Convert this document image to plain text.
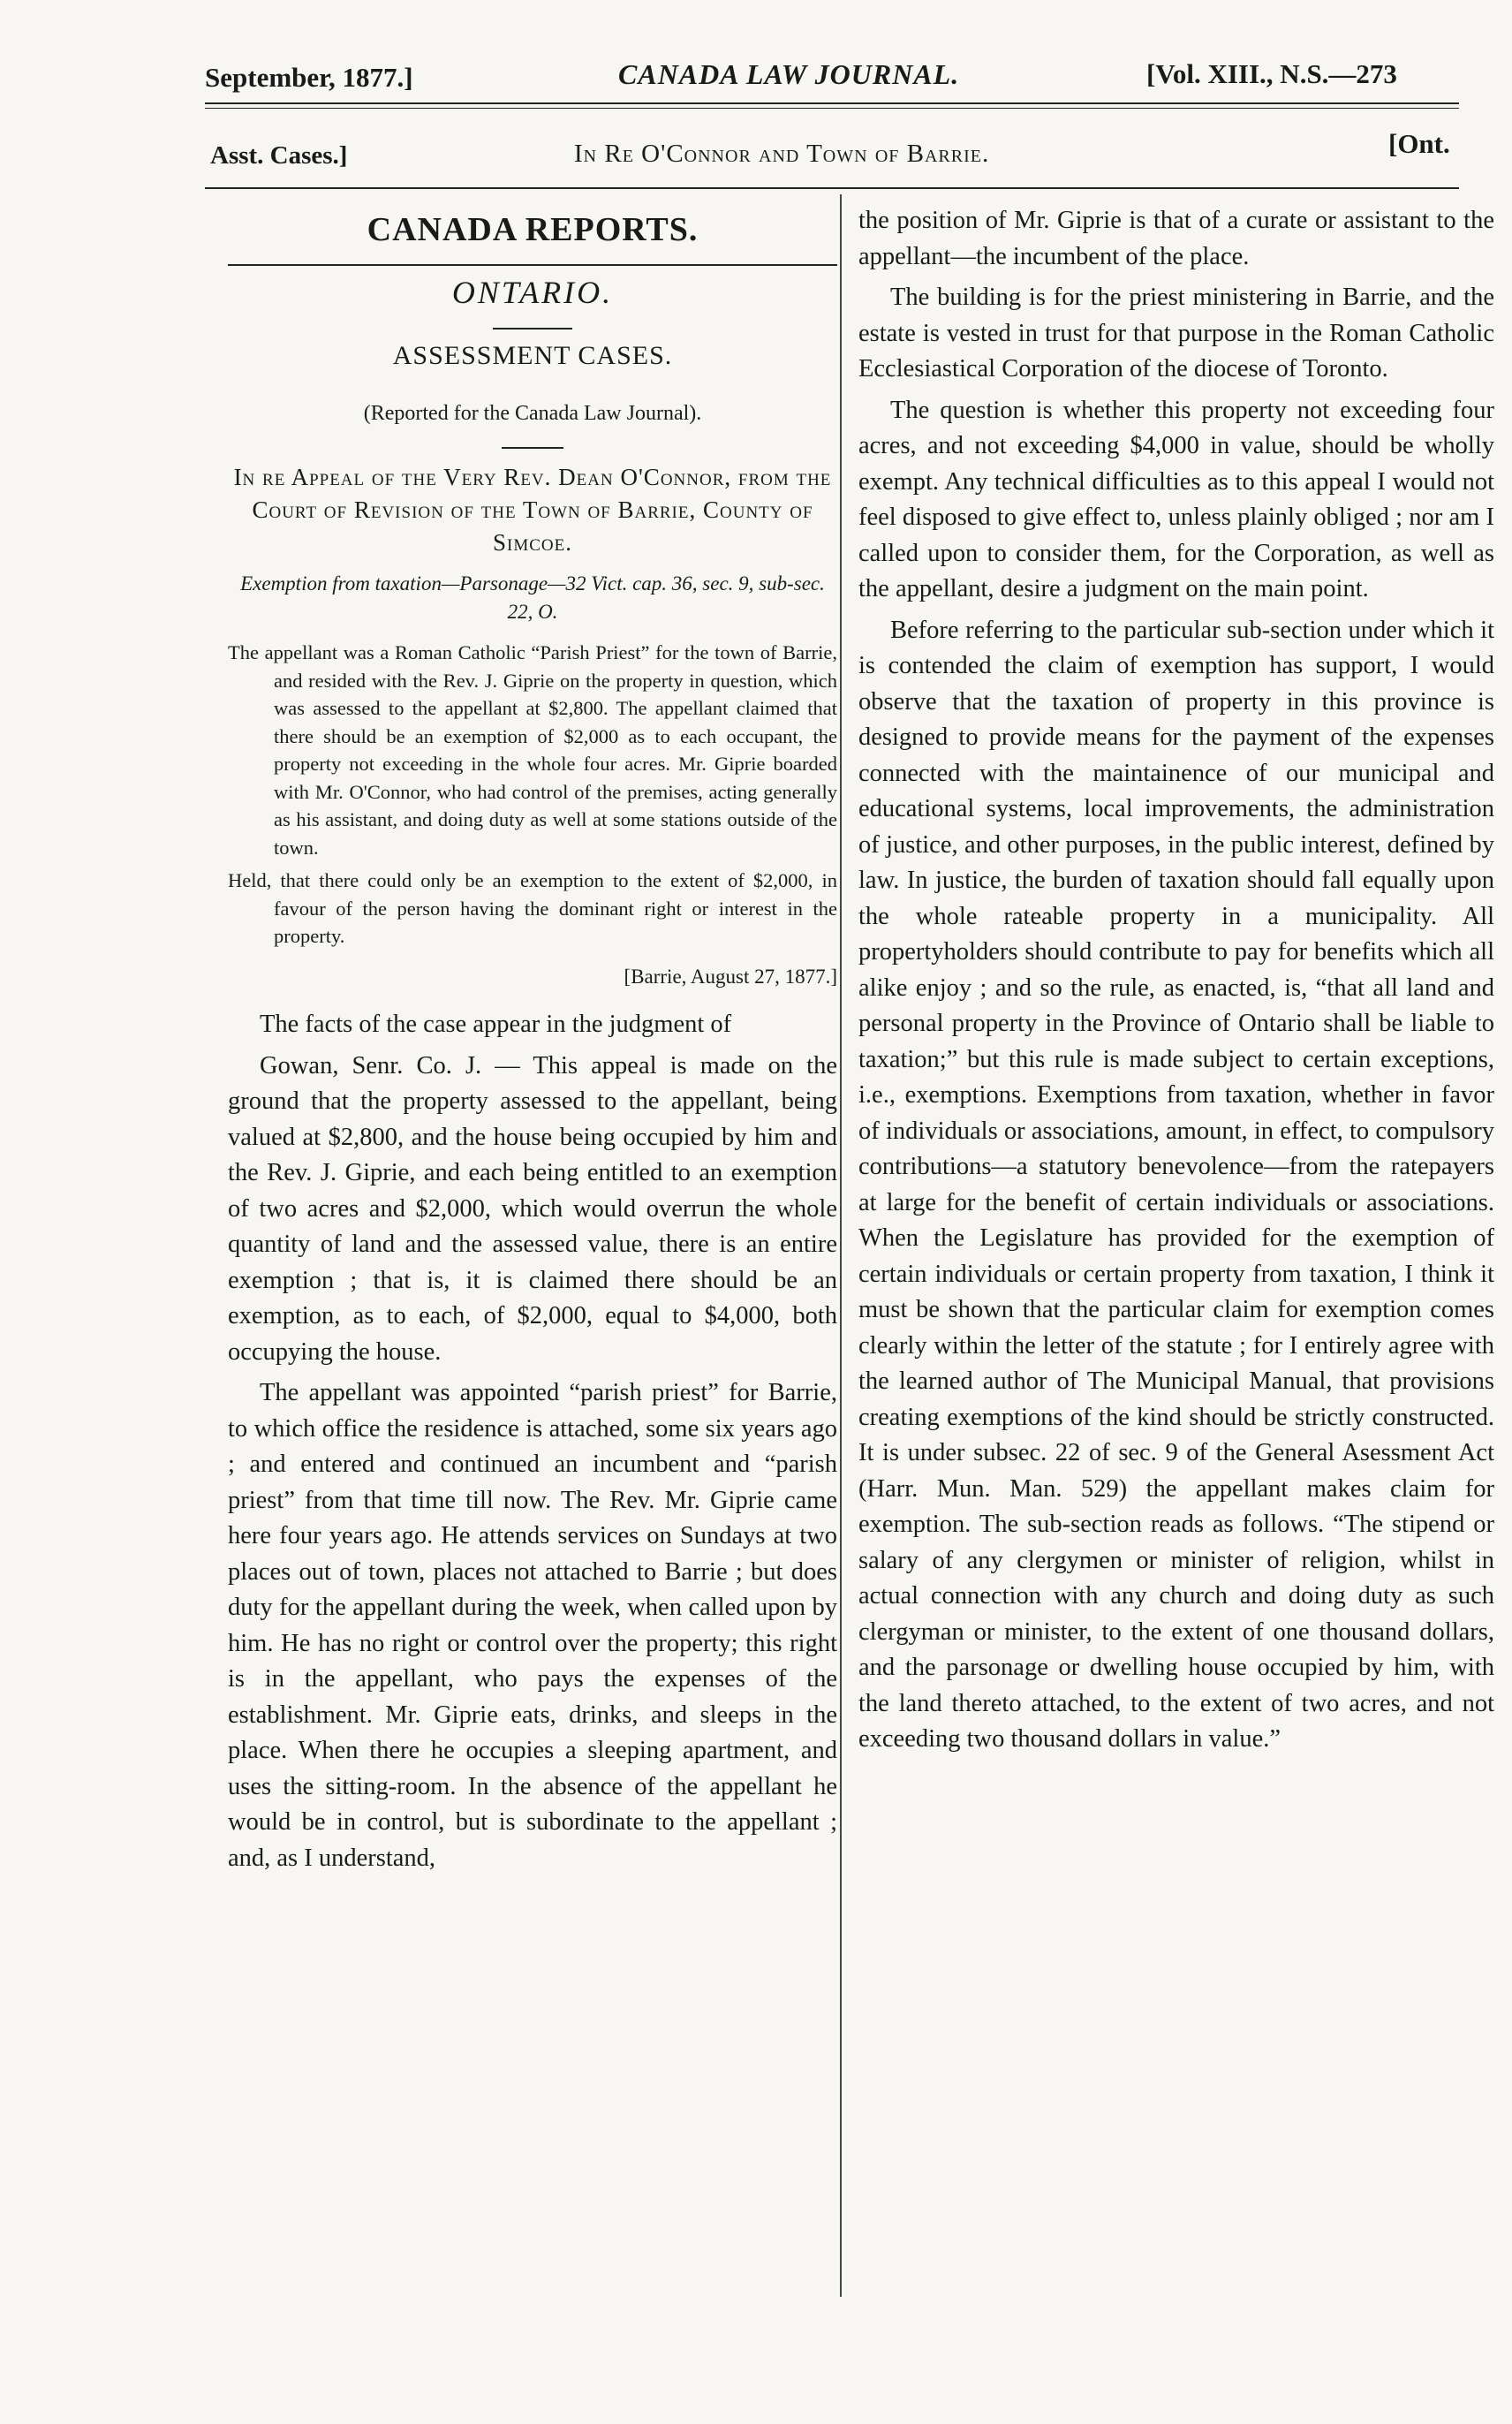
September, 1877.]	CANADA LAW JOURNAL.	[Vol. XIII., N.S.—273
Asst. Cases.]	In Re O'Connor and Town of Barrie.	[Ont.
CANADA REPORTS.
ONTARIO.
ASSESSMENT CASES.
(Reported for the Canada Law Journal).
In re Appeal of the Very Rev. Dean O'Connor, from the Court of Revision of the Town of Barrie, County of Simcoe.
Exemption from taxation—Parsonage—32 Vict. cap. 36, sec. 9, sub-sec. 22, O.

The appellant was a Roman Catholic “Parish Priest” for the town of Barrie, and resided with the Rev. J. Giprie on the property in question, which was assessed to the appellant at $2,800. The appellant claimed that there should be an exemption of $2,000 as to each occupant, the property not exceeding in the whole four acres. Mr. Giprie boarded with Mr. O'Connor, who had control of the premises, acting generally as his assistant, and doing duty as well at some stations outside of the town.

Held, that there could only be an exemption to the extent of $2,000, in favour of the person having the dominant right or interest in the property.

[Barrie, August 27, 1877.]

The facts of the case appear in the judgment of

Gowan, Senr. Co. J. — This appeal is made on the ground that the property assessed to the appellant, being valued at $2,800, and the house being occupied by him and the Rev. J. Giprie, and each being entitled to an exemption of two acres and $2,000, which would overrun the whole quantity of land and the assessed value, there is an entire exemption ; that is, it is claimed there should be an exemption, as to each, of $2,000, equal to $4,000, both occupying the house.

The appellant was appointed “parish priest” for Barrie, to which office the residence is attached, some six years ago ; and entered and continued an incumbent and “parish priest” from that time till now. The Rev. Mr. Giprie came here four years ago. He attends services on Sundays at two places out of town, places not attached to Barrie ; but does duty for the appellant during the week, when called upon by him. He has no right or control over the property; this right is in the appellant, who pays the expenses of the establishment. Mr. Giprie eats, drinks, and sleeps in the place. When there he occupies a sleeping apartment, and uses the sitting-room. In the absence of the appellant he would be in control, but is subordinate to the appellant ; and, as I understand,

the position of Mr. Giprie is that of a curate or assistant to the appellant—the incumbent of the place.

The building is for the priest ministering in Barrie, and the estate is vested in trust for that purpose in the Roman Catholic Ecclesiastical Corporation of the diocese of Toronto.

The question is whether this property not exceeding four acres, and not exceeding $4,000 in value, should be wholly exempt. Any technical difficulties as to this appeal I would not feel disposed to give effect to, unless plainly obliged ; nor am I called upon to consider them, for the Corporation, as well as the appellant, desire a judgment on the main point.

Before referring to the particular sub-section under which it is contended the claim of exemption has support, I would observe that the taxation of property in this province is designed to provide means for the payment of the expenses connected with the maintainence of our municipal and educational systems, local improvements, the administration of justice, and other purposes, in the public interest, defined by law. In justice, the burden of taxation should fall equally upon the whole rateable property in a municipality. All propertyholders should contribute to pay for benefits which all alike enjoy ; and so the rule, as enacted, is, “that all land and personal property in the Province of Ontario shall be liable to taxation;” but this rule is made subject to certain exceptions, i.e., exemptions. Exemptions from taxation, whether in favor of individuals or associations, amount, in effect, to compulsory contributions—a statutory benevolence—from the ratepayers at large for the benefit of certain individuals or associations. When the Legislature has provided for the exemption of certain individuals or certain property from taxation, I think it must be shown that the particular claim for exemption comes clearly within the letter of the statute ; for I entirely agree with the learned author of The Municipal Manual, that provisions creating exemptions of the kind should be strictly constructed. It is under subsec. 22 of sec. 9 of the General Asessment Act (Harr. Mun. Man. 529) the appellant makes claim for exemption. The sub-section reads as follows. “The stipend or salary of any clergymen or minister of religion, whilst in actual connection with any church and doing duty as such clergyman or minister, to the extent of one thousand dollars, and the parsonage or dwelling house occupied by him, with the land thereto attached, to the extent of two acres, and not exceeding two thousand dollars in value.”
